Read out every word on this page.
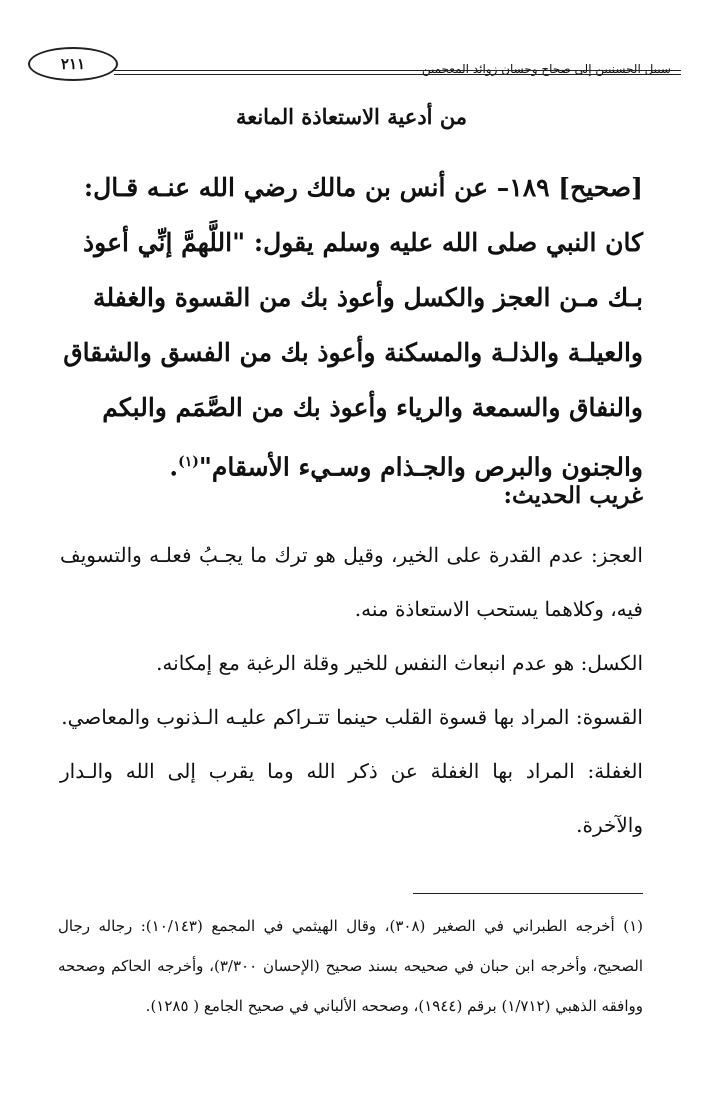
سبيل الحسنيين إلى صحاح وحسان زوائد المعجمين
٢١١
من أدعية الاستعاذة المانعة

[صحيح] ١٨٩– عن أنس بن مالك رضي الله عنـه قـال: كان النبي صلى الله عليه وسلم يقول: "اللَّهمَّ إنِّي أعوذ بـك مـن العجز والكسل وأعوذ بك من القسوة والغفلة والعيلـة والذلـة والمسكنة وأعوذ بك من الفسق والشقاق والنفاق والسمعة والرياء وأعوذ بك من الصَّمَم والبكم والجنون والبرص والجـذام وسـيء الأسقام"$^{(١)}$.

غريب الحديث:

العجز: عدم القدرة على الخير، وقيل هو ترك ما يجـبُ فعلـه والتسويف فيه، وكلاهما يستحب الاستعاذة منه.

الكسل: هو عدم انبعاث النفس للخير وقلة الرغبة مع إمكانه.

القسوة: المراد بها قسوة القلب حينما تتـراكم عليـه الـذنوب والمعاصي.

الغفلة: المراد بها الغفلة عن ذكر الله وما يقرب إلى الله والـدار والآخرة.

(١) أخرجه الطبراني في الصغير (٣٠٨)، وقال الهيثمي في المجمع (١٠/١٤٣): رجاله رجال الصحيح، وأخرجه ابن حبان في صحيحه بسند صحيح (الإحسان ٣/٣٠٠)، وأخرجه الحاكم وصححه ووافقه الذهبي (١/٧١٢) برقم (١٩٤٤)، وصححه الألباني في صحيح الجامع ( ١٢٨٥).
